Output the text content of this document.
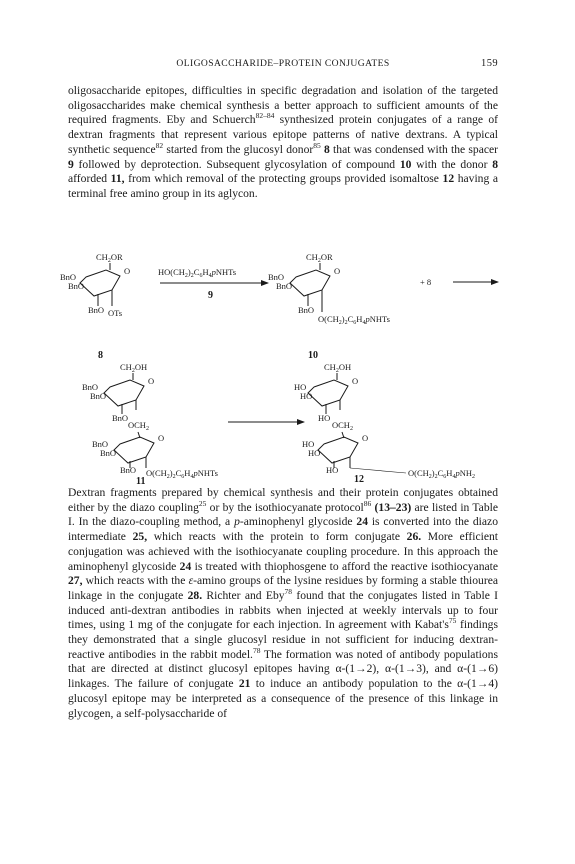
OLIGOSACCHARIDE–PROTEIN CONJUGATES	159

oligosaccharide epitopes, difficulties in specific degradation and isolation of the targeted oligosaccharides make chemical synthesis a better approach to sufficient amounts of the required fragments. Eby and Schuerch$^{82-84}$ synthesized protein conjugates of a range of dextran fragments that represent various epitope patterns of native dextrans. A typical synthetic sequence$^{82}$ started from the glucosyl donor$^{85}$ 8 that was condensed with the spacer 9 followed by deprotection. Subsequent glycosylation of compound 10 with the donor 8 afforded 11, from which removal of the protecting groups provided isomaltose 12 having a terminal free amino group in its aglycon.

$CH_2OR$
O
BnO
BnO
BnO OTs
8
$HO(CH_2)_2C_6H_4pNHTs$
9
$CH_2OR$
O
BnO
BnO
BnO
$O(CH_2)_2C_6H_4pNHTs$
10
+ 8
$CH_2OH$
O
BnO
BnO
BnO
$OCH_2$
O
BnO
BnO
BnO $O(CH_2)_2C_6H_4pNHTs$
11
$CH_2OH$
O
HO
HO
HO
$OCH_2$
O
HO
HO
HO	$O(CH_2)_2C_6H_4pNH_2$
12

Dextran fragments prepared by chemical synthesis and their protein conjugates obtained either by the diazo coupling$^{25}$ or by the isothiocyanate protocol$^{86}$ (13–23) are listed in Table I. In the diazo-coupling method, a p-aminophenyl glycoside 24 is converted into the diazo intermediate 25, which reacts with the protein to form conjugate 26. More efficient conjugation was achieved with the isothiocyanate coupling procedure. In this approach the aminophenyl glycoside 24 is treated with thiophosgene to afford the reactive isothiocyanate 27, which reacts with the ε-amino groups of the lysine residues by forming a stable thiourea linkage in the conjugate 28. Richter and Eby$^{78}$ found that the conjugates listed in Table I induced anti-dextran antibodies in rabbits when injected at weekly intervals up to four times, using 1 mg of the conjugate for each injection. In agreement with $Kabat's^{75}$ findings they demonstrated that a single glucosyl residue in not sufficient for inducing dextran-reactive antibodies in the rabbit model.$^{78}$ The formation was noted of antibody populations that are directed at distinct glucosyl epitopes having α-(1→2), α-(1→3), and α-(1→6) linkages. The failure of conjugate 21 to induce an antibody population to the α-(1→4) glucosyl epitope may be interpreted as a consequence of the presence of this linkage in glycogen, a self-polysaccharide of
